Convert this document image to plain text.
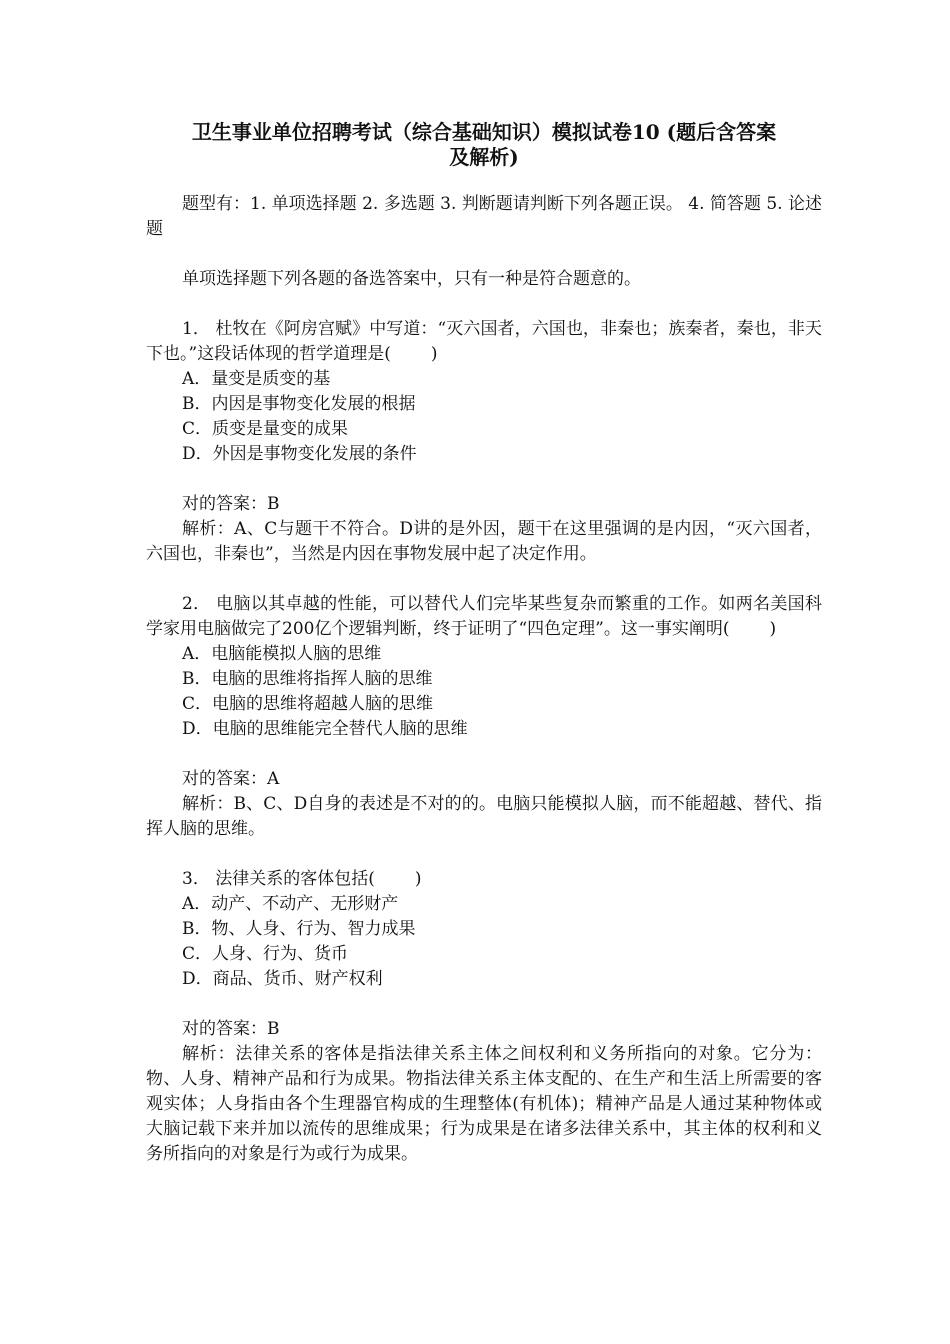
卫生事业单位招聘考试（综合基础知识）模拟试卷10 (题后含答案
及解析)

题型有：1. 单项选择题 2. 多选题 3. 判断题请判断下列各题正误。 4. 简答题 5. 论述题

单项选择题下列各题的备选答案中，只有一种是符合题意的。

1． 杜牧在《阿房宫赋》中写道：“灭六国者，六国也，非秦也；族秦者，秦也，非天下也。”这段话体现的哲学道理是( )

A．量变是质变的基

B．内因是事物变化发展的根据

C．质变是量变的成果

D．外因是事物变化发展的条件

对的答案：B

解析：A、C与题干不符合。D讲的是外因，题干在这里强调的是内因，“灭六国者，六国也，非秦也”，当然是内因在事物发展中起了决定作用。

2． 电脑以其卓越的性能，可以替代人们完毕某些复杂而繁重的工作。如两名美国科学家用电脑做完了200亿个逻辑判断，终于证明了“四色定理”。这一事实阐明( )

A．电脑能模拟人脑的思维

B．电脑的思维将指挥人脑的思维

C．电脑的思维将超越人脑的思维

D．电脑的思维能完全替代人脑的思维

对的答案：A

解析：B、C、D自身的表述是不对的的。电脑只能模拟人脑，而不能超越、替代、指挥人脑的思维。

3． 法律关系的客体包括( )

A．动产、不动产、无形财产

B．物、人身、行为、智力成果

C．人身、行为、货币

D．商品、货币、财产权利

对的答案：B

解析：法律关系的客体是指法律关系主体之间权利和义务所指向的对象。它分为：物、人身、精神产品和行为成果。物指法律关系主体支配的、在生产和生活上所需要的客观实体；人身指由各个生理器官构成的生理整体(有机体)；精神产品是人通过某种物体或大脑记载下来并加以流传的思维成果；行为成果是在诸多法律关系中，其主体的权利和义务所指向的对象是行为或行为成果。
